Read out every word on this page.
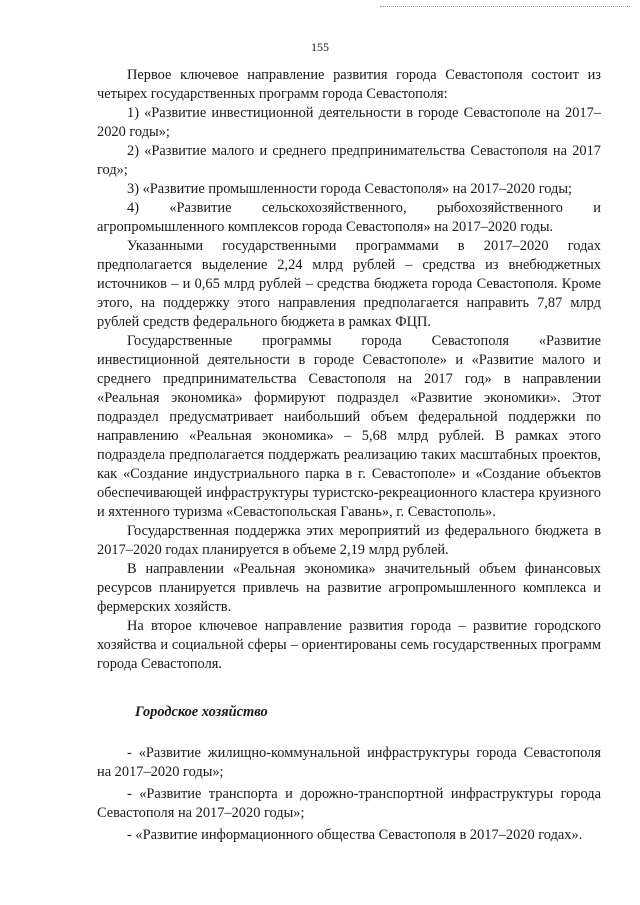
155

Первое ключевое направление развития города Севастополя состоит из четырех государственных программ города Севастополя:

1) «Развитие инвестиционной деятельности в городе Севастополе на 2017–2020 годы»;

2) «Развитие малого и среднего предпринимательства Севастополя на 2017 год»;

3) «Развитие промышленности города Севастополя» на 2017–2020 годы;

4) «Развитие сельскохозяйственного, рыбохозяйственного и агропромышленного комплексов города Севастополя» на 2017–2020 годы.

Указанными государственными программами в 2017–2020 годах предполагается выделение 2,24 млрд рублей – средства из внебюджетных источников – и 0,65 млрд рублей – средства бюджета города Севастополя. Кроме этого, на поддержку этого направления предполагается направить 7,87 млрд рублей средств федерального бюджета в рамках ФЦП.

Государственные программы города Севастополя «Развитие инвестиционной деятельности в городе Севастополе» и «Развитие малого и среднего предпринимательства Севастополя на 2017 год» в направлении «Реальная экономика» формируют подраздел «Развитие экономики». Этот подраздел предусматривает наибольший объем федеральной поддержки по направлению «Реальная экономика» – 5,68 млрд рублей. В рамках этого подраздела предполагается поддержать реализацию таких масштабных проектов, как «Создание индустриального парка в г. Севастополе» и «Создание объектов обеспечивающей инфраструктуры туристско-рекреационного кластера круизного и яхтенного туризма «Севастопольская Гавань», г. Севастополь».

Государственная поддержка этих мероприятий из федерального бюджета в 2017–2020 годах планируется в объеме 2,19 млрд рублей.

В направлении «Реальная экономика» значительный объем финансовых ресурсов планируется привлечь на развитие агропромышленного комплекса и фермерских хозяйств.

На второе ключевое направление развития города – развитие городского хозяйства и социальной сферы – ориентированы семь государственных программ города Севастополя.

Городское хозяйство

- «Развитие жилищно-коммунальной инфраструктуры города Севастополя на 2017–2020 годы»;

- «Развитие транспорта и дорожно-транспортной инфраструктуры города Севастополя на 2017–2020 годы»;

- «Развитие информационного общества Севастополя в 2017–2020 годах».
